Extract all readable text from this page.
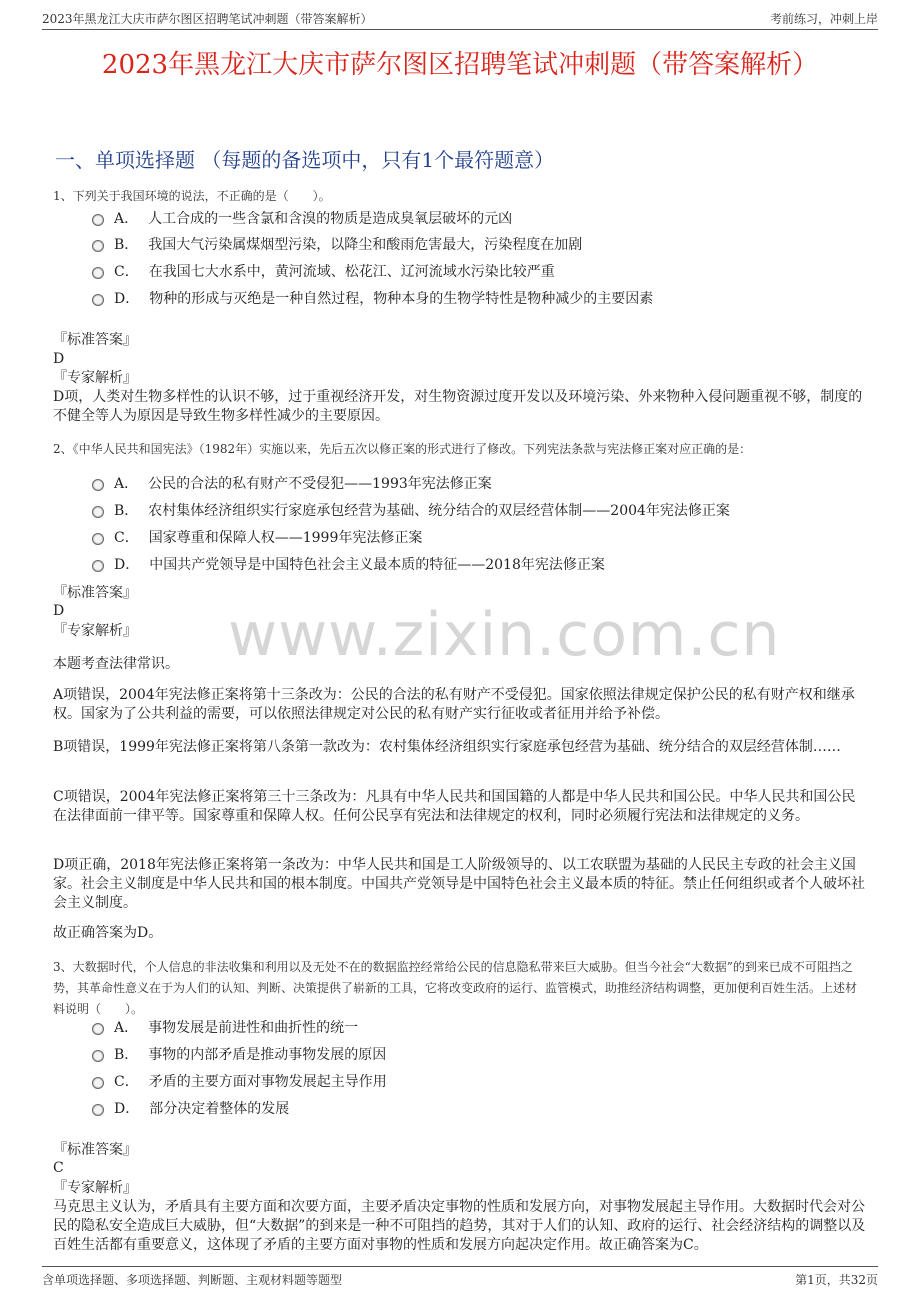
2023年黑龙江大庆市萨尔图区招聘笔试冲刺题（带答案解析）	考前练习，冲刺上岸
www.zixin.com.cn
2023年黑龙江大庆市萨尔图区招聘笔试冲刺题（带答案解析）
一、单项选择题 （每题的备选项中，只有1个最符题意）
1、下列关于我国环境的说法，不正确的是（　　）。
A． 人工合成的一些含氯和含溴的物质是造成臭氧层破坏的元凶
B． 我国大气污染属煤烟型污染，以降尘和酸雨危害最大，污染程度在加剧
C． 在我国七大水系中，黄河流域、松花江、辽河流域水污染比较严重
D． 物种的形成与灭绝是一种自然过程，物种本身的生物学特性是物种减少的主要因素
『标准答案』
D
『专家解析』
D项，人类对生物多样性的认识不够，过于重视经济开发，对生物资源过度开发以及环境污染、外来物种入侵问题重视不够，制度的不健全等人为原因是导致生物多样性减少的主要原因。
2、《中华人民共和国宪法》（1982年）实施以来，先后五次以修正案的形式进行了修改。下列宪法条款与宪法修正案对应正确的是：
A． 公民的合法的私有财产不受侵犯——1993年宪法修正案
B． 农村集体经济组织实行家庭承包经营为基础、统分结合的双层经营体制——2004年宪法修正案
C． 国家尊重和保障人权——1999年宪法修正案
D． 中国共产党领导是中国特色社会主义最本质的特征——2018年宪法修正案
『标准答案』
D
『专家解析』
本题考查法律常识。
A项错误，2004年宪法修正案将第十三条改为：公民的合法的私有财产不受侵犯。国家依照法律规定保护公民的私有财产权和继承权。国家为了公共利益的需要，可以依照法律规定对公民的私有财产实行征收或者征用并给予补偿。
B项错误，1999年宪法修正案将第八条第一款改为：农村集体经济组织实行家庭承包经营为基础、统分结合的双层经营体制……
C项错误，2004年宪法修正案将第三十三条改为：凡具有中华人民共和国国籍的人都是中华人民共和国公民。中华人民共和国公民在法律面前一律平等。国家尊重和保障人权。任何公民享有宪法和法律规定的权利，同时必须履行宪法和法律规定的义务。
D项正确，2018年宪法修正案将第一条改为：中华人民共和国是工人阶级领导的、以工农联盟为基础的人民民主专政的社会主义国家。社会主义制度是中华人民共和国的根本制度。中国共产党领导是中国特色社会主义最本质的特征。禁止任何组织或者个人破坏社会主义制度。
故正确答案为D。
3、大数据时代，个人信息的非法收集和利用以及无处不在的数据监控经常给公民的信息隐私带来巨大威胁。但当今社会“大数据”的到来已成不可阻挡之势，其革命性意义在于为人们的认知、判断、决策提供了崭新的工具，它将改变政府的运行、监管模式，助推经济结构调整，更加便利百姓生活。上述材料说明（　　）。
A． 事物发展是前进性和曲折性的统一
B． 事物的内部矛盾是推动事物发展的原因
C． 矛盾的主要方面对事物发展起主导作用
D． 部分决定着整体的发展
『标准答案』
C
『专家解析』
马克思主义认为，矛盾具有主要方面和次要方面，主要矛盾决定事物的性质和发展方向，对事物发展起主导作用。大数据时代会对公民的隐私安全造成巨大威胁，但“大数据”的到来是一种不可阻挡的趋势，其对于人们的认知、政府的运行、社会经济结构的调整以及百姓生活都有重要意义，这体现了矛盾的主要方面对事物的性质和发展方向起决定作用。故正确答案为C。
含单项选择题、多项选择题、判断题、主观材料题等题型	第1页，共32页
